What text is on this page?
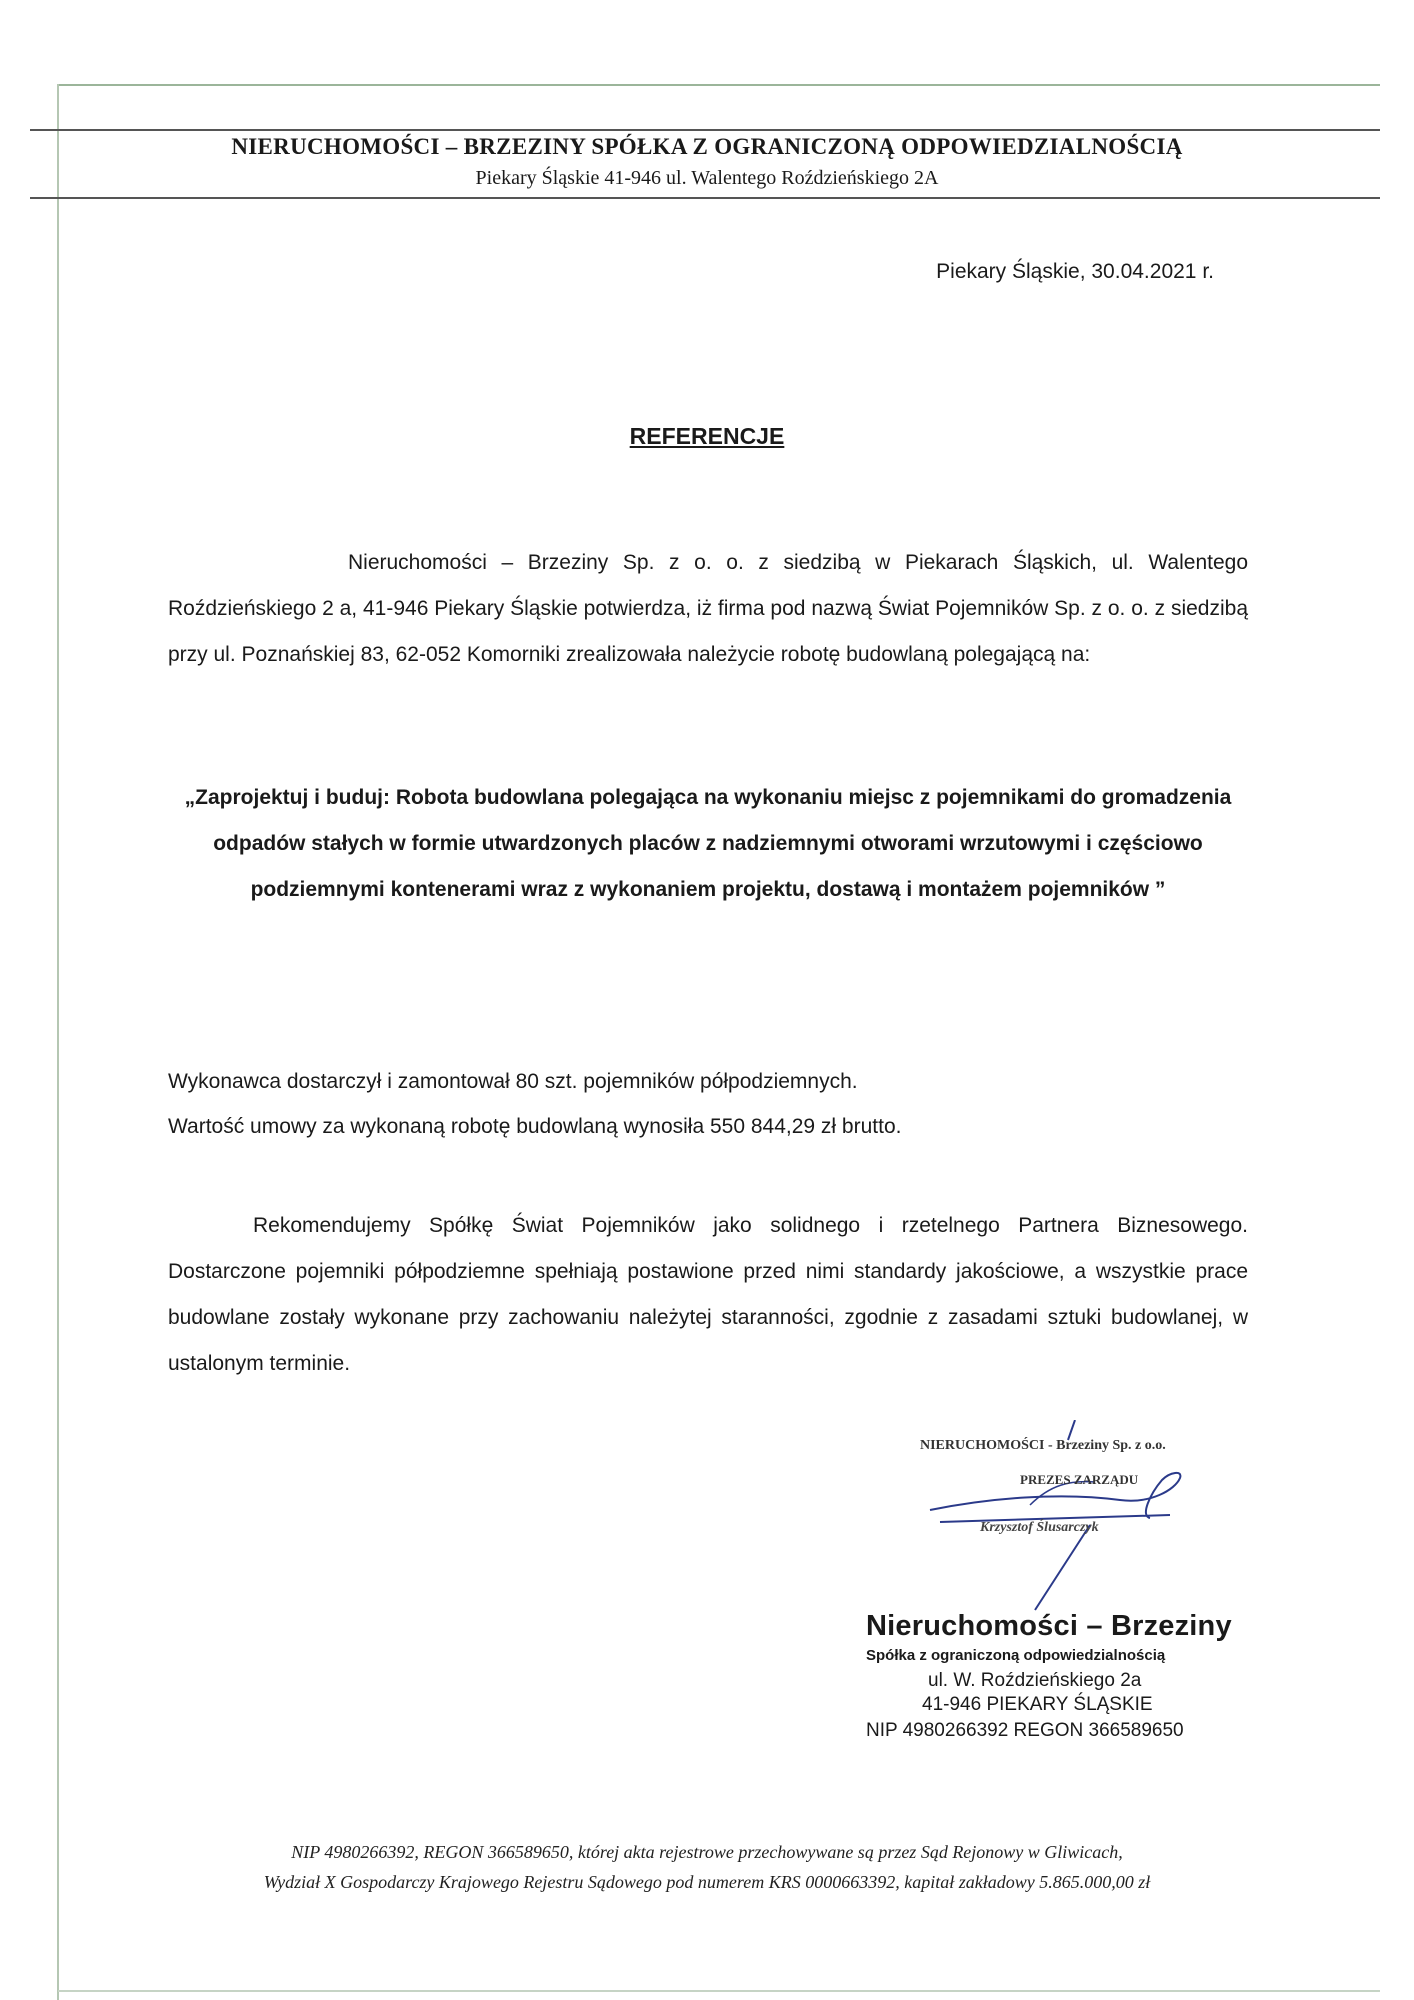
NIERUCHOMOŚCI – BRZEZINY SPÓŁKA Z OGRANICZONĄ ODPOWIEDZIALNOŚCIĄ
Piekary Śląskie 41-946 ul. Walentego Roździeńskiego 2A
Piekary Śląskie, 30.04.2021 r.
REFERENCJE

Nieruchomości – Brzeziny Sp. z o. o. z siedzibą w Piekarach Śląskich, ul. Walentego Roździeńskiego 2 a, 41-946 Piekary Śląskie potwierdza, iż firma pod nazwą Świat Pojemników Sp. z o. o. z siedzibą przy ul. Poznańskiej 83, 62-052 Komorniki zrealizowała należycie robotę budowlaną polegającą na:

„Zaprojektuj i buduj: Robota budowlana polegająca na wykonaniu miejsc z pojemnikami do gromadzenia odpadów stałych w formie utwardzonych placów z nadziemnymi otworami wrzutowymi i częściowo podziemnymi kontenerami wraz z wykonaniem projektu, dostawą i montażem pojemników ”

Wykonawca dostarczył i zamontował 80 szt. pojemników półpodziemnych.
Wartość umowy za wykonaną robotę budowlaną wynosiła 550 844,29 zł brutto.

Rekomendujemy Spółkę Świat Pojemników jako solidnego i rzetelnego Partnera Biznesowego. Dostarczone pojemniki półpodziemne spełniają postawione przed nimi standardy jakościowe, a wszystkie prace budowlane zostały wykonane przy zachowaniu należytej staranności, zgodnie z zasadami sztuki budowlanej, w ustalonym terminie.

NIERUCHOMOŚCI - Brzeziny Sp. z o.o.
PREZES ZARZĄDU
Krzysztof Ślusarczyk
Nieruchomości – Brzeziny
Spółka z ograniczoną odpowiedzialnością
ul. W. Roździeńskiego 2a
41-946 PIEKARY ŚLĄSKIE
NIP 4980266392 REGON 366589650
NIP 4980266392, REGON 366589650, której akta rejestrowe przechowywane są przez Sąd Rejonowy w Gliwicach,
Wydział X Gospodarczy Krajowego Rejestru Sądowego pod numerem KRS 0000663392, kapitał zakładowy 5.865.000,00 zł
